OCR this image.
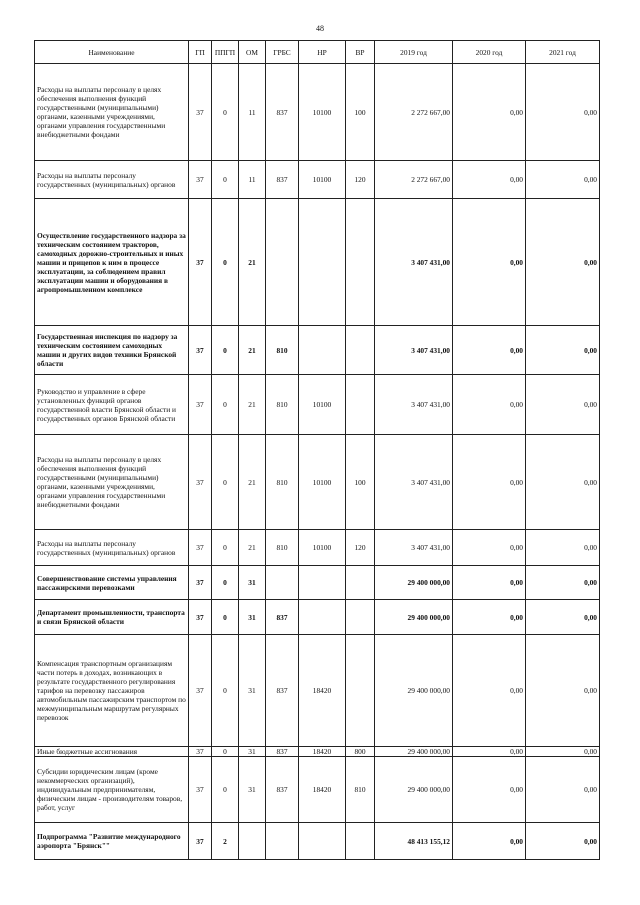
48
Наименование	ГП	ППГП	ОМ	ГРБС	НР	ВР	2019 год	2020 год	2021 год
Расходы на выплаты персоналу в целях обеспечения выполнения функций государственными (муниципальными) органами, казенными учреждениями, органами управления государственными внебюджетными фондами	37	0	11	837	10100	100	2 272 667,00	0,00	0,00
Расходы на выплаты персоналу государственных (муниципальных) органов	37	0	11	837	10100	120	2 272 667,00	0,00	0,00
Осуществление государственного надзора за техническим состоянием тракторов, самоходных дорожно-строительных и иных машин и прицепов к ним в процессе эксплуатации, за соблюдением правил эксплуатации машин и оборудования в агропромышленном комплексе	37	0	21				3 407 431,00	0,00	0,00
Государственная инспекция по надзору за техническим состоянием самоходных машин и других видов техники Брянской области	37	0	21	810			3 407 431,00	0,00	0,00
Руководство и управление в сфере установленных функций органов государственной власти Брянской области и государственных органов Брянской области	37	0	21	810	10100		3 407 431,00	0,00	0,00
Расходы на выплаты персоналу в целях обеспечения выполнения функций государственными (муниципальными) органами, казенными учреждениями, органами управления государственными внебюджетными фондами	37	0	21	810	10100	100	3 407 431,00	0,00	0,00
Расходы на выплаты персоналу государственных (муниципальных) органов	37	0	21	810	10100	120	3 407 431,00	0,00	0,00
Совершенствование системы управления пассажирскими перевозками	37	0	31				29 400 000,00	0,00	0,00
Департамент промышленности, транспорта и связи Брянской области	37	0	31	837			29 400 000,00	0,00	0,00
Компенсация транспортным организациям части потерь в доходах, возникающих в результате государственного регулирования тарифов на перевозку пассажиров автомобильным пассажирским транспортом по межмуниципальным маршрутам регулярных перевозок	37	0	31	837	18420		29 400 000,00	0,00	0,00
Иные бюджетные ассигнования	37	0	31	837	18420	800	29 400 000,00	0,00	0,00
Субсидии юридическим лицам (кроме некоммерческих организаций), индивидуальным предпринимателям, физическим лицам - производителям товаров, работ, услуг	37	0	31	837	18420	810	29 400 000,00	0,00	0,00
Подпрограмма "Развитие международного аэропорта "Брянск""	37	2					48 413 155,12	0,00	0,00
